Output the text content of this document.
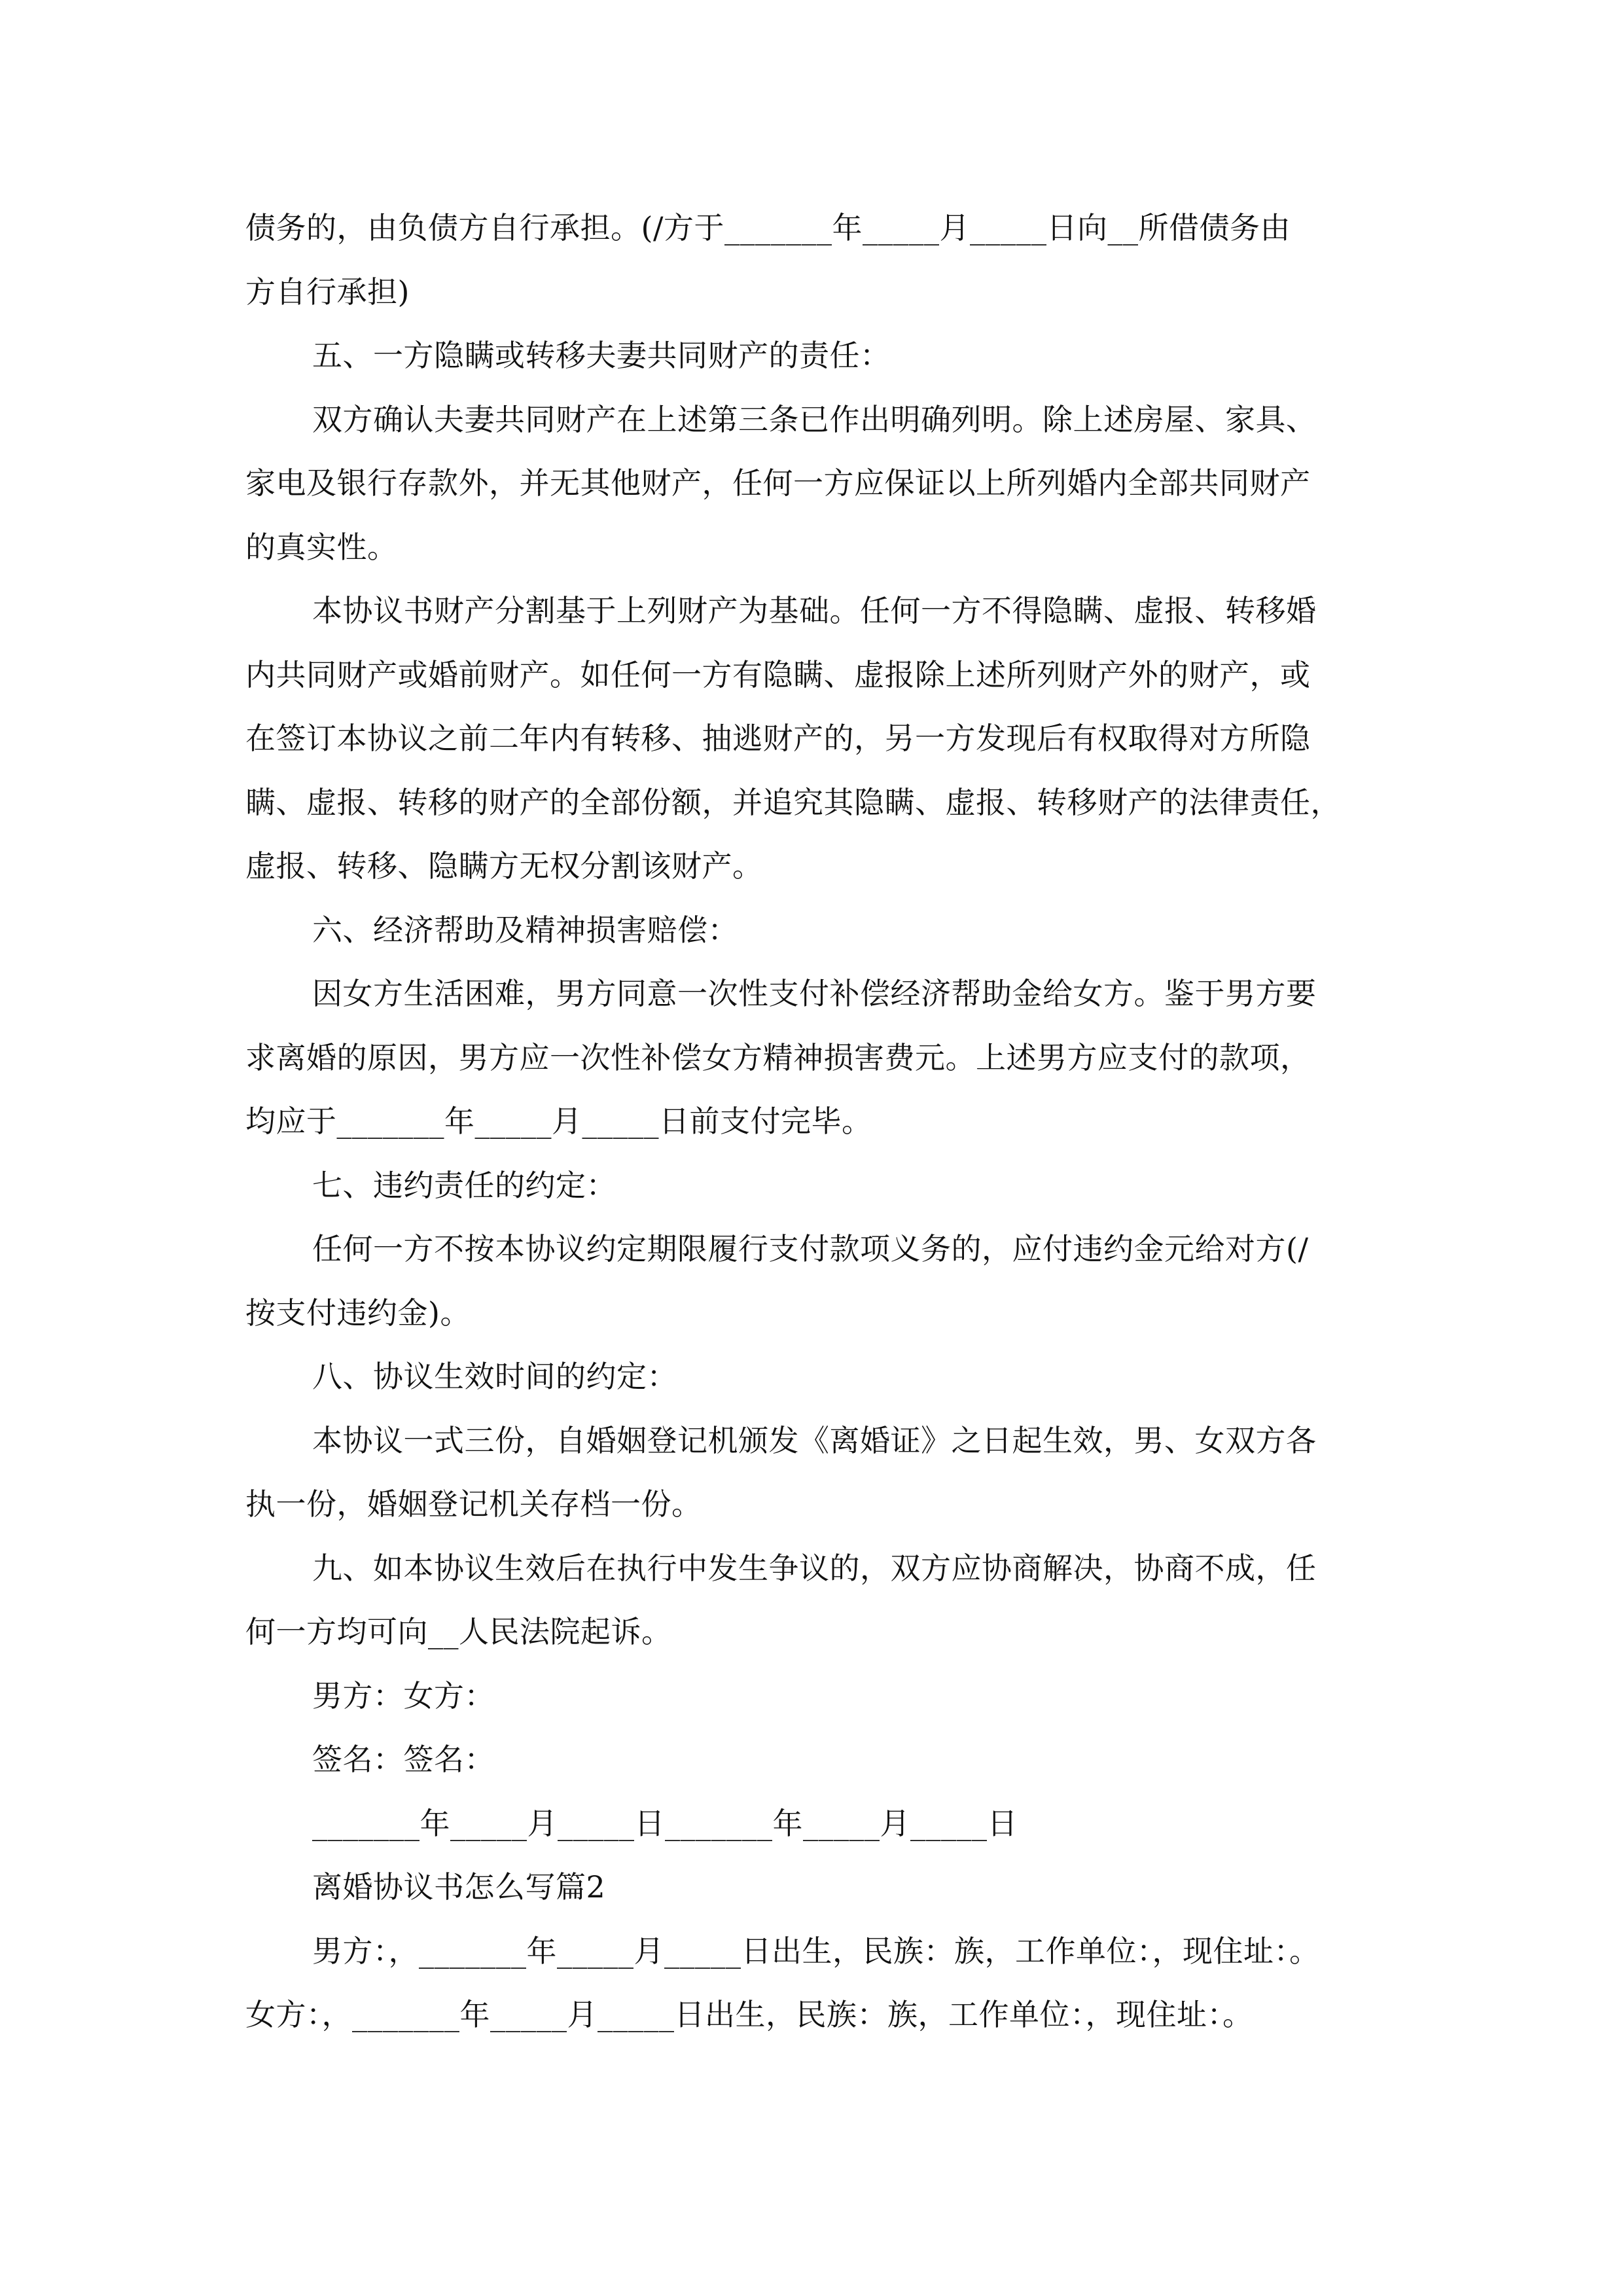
债务的，由负债方自行承担。(/方于_______年_____月_____日向__所借债务由
方自行承担)
五、一方隐瞒或转移夫妻共同财产的责任：
双方确认夫妻共同财产在上述第三条已作出明确列明。除上述房屋、家具、
家电及银行存款外，并无其他财产，任何一方应保证以上所列婚内全部共同财产
的真实性。
本协议书财产分割基于上列财产为基础。任何一方不得隐瞒、虚报、转移婚
内共同财产或婚前财产。如任何一方有隐瞒、虚报除上述所列财产外的财产，或
在签订本协议之前二年内有转移、抽逃财产的，另一方发现后有权取得对方所隐
瞒、虚报、转移的财产的全部份额，并追究其隐瞒、虚报、转移财产的法律责任，
虚报、转移、隐瞒方无权分割该财产。
六、经济帮助及精神损害赔偿：
因女方生活困难，男方同意一次性支付补偿经济帮助金给女方。鉴于男方要
求离婚的原因，男方应一次性补偿女方精神损害费元。上述男方应支付的款项，
均应于_______年_____月_____日前支付完毕。
七、违约责任的约定：
任何一方不按本协议约定期限履行支付款项义务的，应付违约金元给对方(/
按支付违约金)。
八、协议生效时间的约定：
本协议一式三份，自婚姻登记机颁发《离婚证》之日起生效，男、女双方各
执一份，婚姻登记机关存档一份。
九、如本协议生效后在执行中发生争议的，双方应协商解决，协商不成，任
何一方均可向__人民法院起诉。
男方：女方：
签名：签名：
_______年_____月_____日_______年_____月_____日
离婚协议书怎么写篇2
男方：，_______年_____月_____日出生，民族：族，工作单位：，现住址：。
女方：，_______年_____月_____日出生，民族：族，工作单位：，现住址：。
